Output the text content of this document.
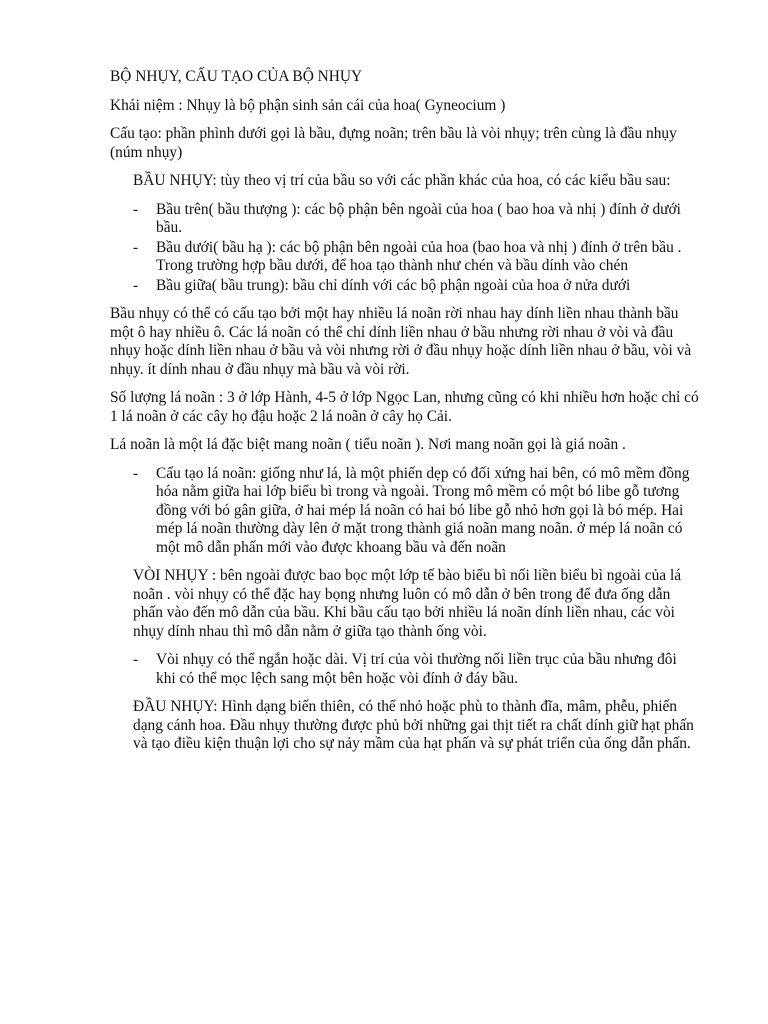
BỘ NHỤY, CẤU TẠO CỦA BỘ NHỤY

Khái niệm : Nhụy là bộ phận sinh sản cái của hoa( Gyneocium )

Cấu tạo: phần phình dưới gọi là bầu, đựng noãn; trên bầu là vòi nhụy; trên cùng là đầu nhụy (núm nhụy)

BẦU NHỤY: tùy theo vị trí của bầu so với các phần khác của hoa, có các kiểu bầu sau:

- Bầu trên( bầu thượng ): các bộ phận bên ngoài của hoa ( bao hoa và nhị ) đính ở dưới bầu.
- Bầu dưới( bầu hạ ): các bộ phận bên ngoài của hoa (bao hoa và nhị ) đính ở trên bầu . Trong trường hợp bầu dưới, để hoa tạo thành như chén và bầu dính vào chén
- Bầu giữa( bầu trung): bầu chỉ dính với các bộ phận ngoài của hoa ở nửa dưới

Bầu nhụy có thể có cấu tạo bởi một hay nhiều lá noãn rời nhau hay dính liền nhau thành bầu một ô hay nhiều ô. Các lá noãn có thể chỉ dính liền nhau ở bầu nhưng rời nhau ở vòi và đầu nhụy hoặc dính liền nhau ở bầu và vòi nhưng rời ở đầu nhụy hoặc dính liền nhau ở bầu, vòi và nhụy. ít dính nhau ở đầu nhụy mà bầu và vòi rời.

Số lượng lá noãn : 3 ở lớp Hành, 4-5 ở lớp Ngọc Lan, nhưng cũng có khi nhiều hơn hoặc chỉ có 1 lá noãn ở các cây họ đậu hoặc 2 lá noãn ở cây họ Cải.

Lá noãn là một lá đặc biệt mang noãn ( tiểu noãn ). Nơi mang noãn gọi là giá noãn .

- Cấu tạo lá noãn: giống như lá, là một phiến dẹp có đối xứng hai bên, có mô mềm đồng hóa nằm giữa hai lớp biểu bì trong và ngoài. Trong mô mềm có một bó libe gỗ tương đồng với bó gân giữa, ở hai mép lá noãn có hai bó libe gỗ nhỏ hơn gọi là bó mép. Hai mép lá noãn thường dày lên ở mặt trong thành giá noãn mang noãn. ở mép lá noãn có một mô dẫn phấn mới vào được khoang bầu và đến noãn

VÒI NHỤY : bên ngoài được bao bọc một lớp tế bào biểu bì nối liền biểu bì ngoài của lá noãn . vòi nhụy có thể đặc hay bọng nhưng luôn có mô dẫn ở bên trong để đưa ống dẫn phấn vào đến mô dẫn của bầu. Khi bầu cấu tạo bởi nhiều lá noãn dính liền nhau, các vòi nhụy dính nhau thì mô dẫn nằm ở giữa tạo thành ống vòi.

- Vòi nhụy có thể ngắn hoặc dài. Vị trí của vòi thường nối liền trục của bầu nhưng đôi khi có thể mọc lệch sang một bên hoặc vòi đính ở đáy bầu.

ĐẦU NHỤY: Hình dạng biến thiên, có thể nhỏ hoặc phù to thành đĩa, mâm, phễu, phiến dạng cánh hoa. Đầu nhụy thường được phủ bởi những gai thịt tiết ra chất dính giữ hạt phấn và tạo điều kiện thuận lợi cho sự nảy mầm của hạt phấn và sự phát triển của ống dẫn phấn.
